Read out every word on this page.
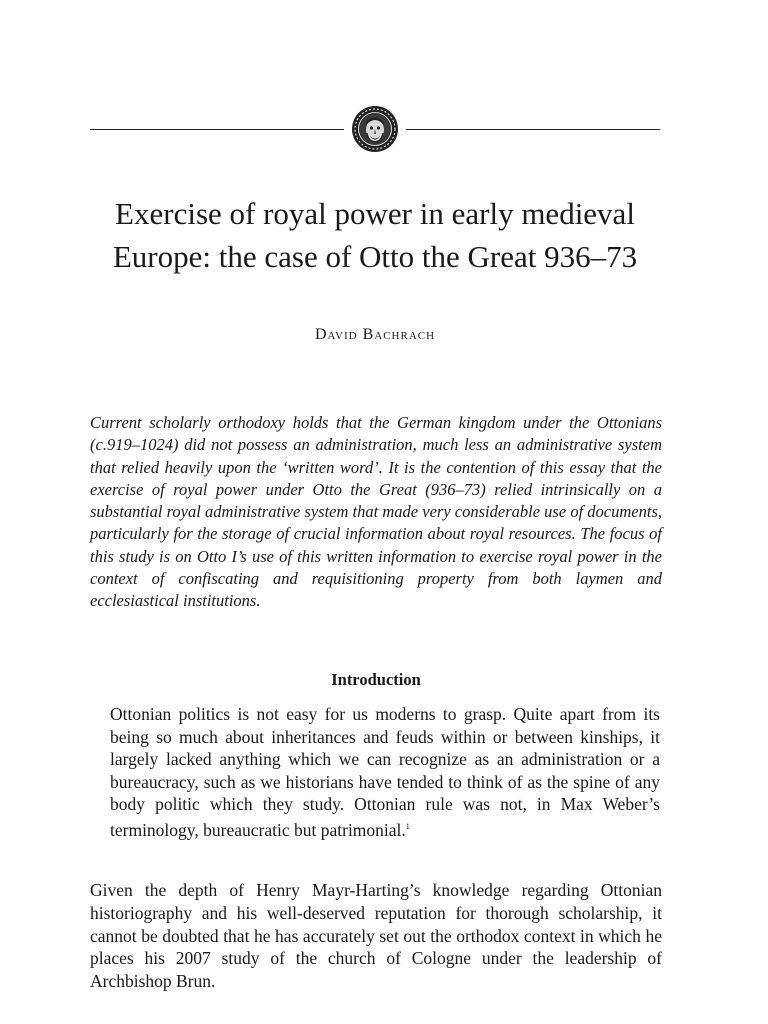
Exercise of royal power in early medieval Europe: the case of Otto the Great 936–73

David Bachrach

Current scholarly orthodoxy holds that the German kingdom under the Ottonians (c.919–1024) did not possess an administration, much less an administrative system that relied heavily upon the ‘written word’. It is the contention of this essay that the exercise of royal power under Otto the Great (936–73) relied intrinsically on a substantial royal administrative system that made very considerable use of documents, particularly for the storage of crucial information about royal resources. The focus of this study is on Otto I’s use of this written information to exercise royal power in the context of confiscating and requisitioning property from both laymen and ecclesiastical institutions.

Introduction

Ottonian politics is not easy for us moderns to grasp. Quite apart from its being so much about inheritances and feuds within or between kinships, it largely lacked anything which we can recognize as an administration or a bureaucracy, such as we historians have tended to think of as the spine of any body politic which they study. Ottonian rule was not, in Max Weber’s terminology, bureaucratic but patrimonial.$^1$

Given the depth of Henry Mayr-Harting’s knowledge regarding Ottonian historiography and his well-deserved reputation for thorough scholarship, it cannot be doubted that he has accurately set out the orthodox context in which he places his 2007 study of the church of Cologne under the leadership of Archbishop Brun.
